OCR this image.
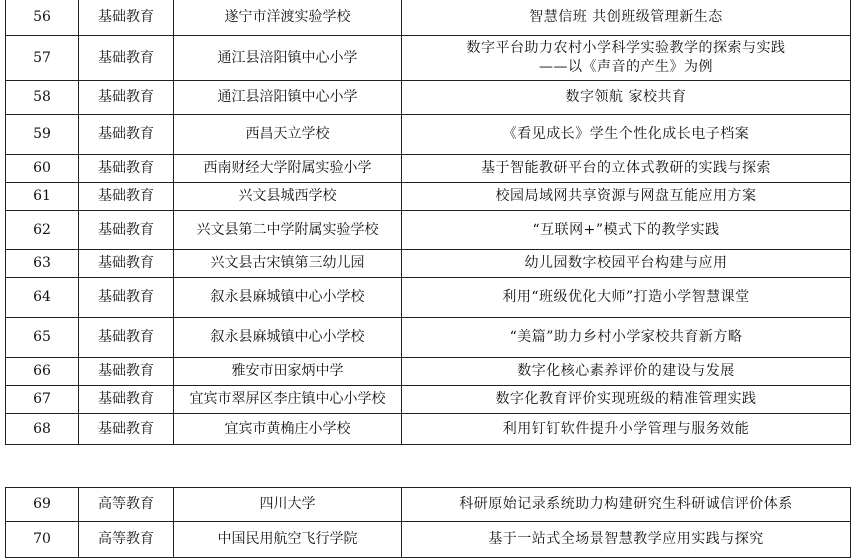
56	基础教育	遂宁市洋渡实验学校	智慧信班 共创班级管理新生态

57	基础教育	通江县涪阳镇中心小学	数字平台助力农村小学科学实验教学的探索与实践
——以《声音的产生》为例

58	基础教育	通江县涪阳镇中心小学	数字领航 家校共育

59	基础教育	西昌天立学校	《看见成长》学生个性化成长电子档案

60	基础教育	西南财经大学附属实验小学	基于智能教研平台的立体式教研的实践与探索

61	基础教育	兴文县城西学校	校园局域网共享资源与网盘互能应用方案

62	基础教育	兴文县第二中学附属实验学校	“互联网+”模式下的教学实践

63	基础教育	兴文县古宋镇第三幼儿园	幼儿园数字校园平台构建与应用

64	基础教育	叙永县麻城镇中心小学校	利用“班级优化大师”打造小学智慧课堂

65	基础教育	叙永县麻城镇中心小学校	“美篇”助力乡村小学家校共育新方略

66	基础教育	雅安市田家炳中学	数字化核心素养评价的建设与发展

67	基础教育	宜宾市翠屏区李庄镇中心小学校	数字化教育评价实现班级的精准管理实践

68	基础教育	宜宾市黄桷庄小学校	利用钉钉软件提升小学管理与服务效能
69	高等教育	四川大学	科研原始记录系统助力构建研究生科研诚信评价体系

70	高等教育	中国民用航空飞行学院	基于一站式全场景智慧教学应用实践与探究
